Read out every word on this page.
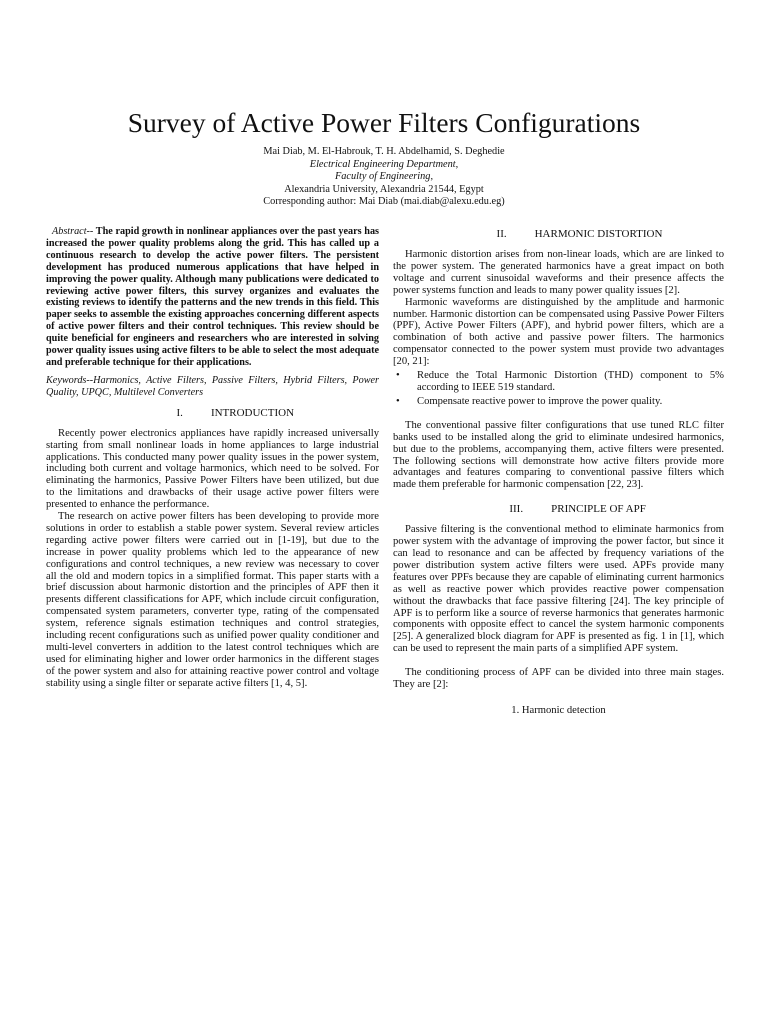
Survey of Active Power Filters Configurations
Mai Diab, M. El-Habrouk, T. H. Abdelhamid, S. Deghedie
Electrical Engineering Department,
Faculty of Engineering,
Alexandria University, Alexandria 21544, Egypt
Corresponding author: Mai Diab (mai.diab@alexu.edu.eg)

Abstract-- The rapid growth in nonlinear appliances over the past years has increased the power quality problems along the grid. This has called up a continuous research to develop the active power filters. The persistent development has produced numerous applications that have helped in improving the power quality. Although many publications were dedicated to reviewing active power filters, this survey organizes and evaluates the existing reviews to identify the patterns and the new trends in this field. This paper seeks to assemble the existing approaches concerning different aspects of active power filters and their control techniques. This review should be quite beneficial for engineers and researchers who are interested in solving power quality issues using active filters to be able to select the most adequate and preferable technique for their applications.

Keywords--Harmonics, Active Filters, Passive Filters, Hybrid Filters, Power Quality, UPQC, Multilevel Converters

I.	INTRODUCTION

Recently power electronics appliances have rapidly increased universally starting from small nonlinear loads in home appliances to large industrial applications. This conducted many power quality issues in the power system, including both current and voltage harmonics, which need to be solved. For eliminating the harmonics, Passive Power Filters have been utilized, but due to the limitations and drawbacks of their usage active power filters were presented to enhance the performance.

The research on active power filters has been developing to provide more solutions in order to establish a stable power system. Several review articles regarding active power filters were carried out in [1-19], but due to the increase in power quality problems which led to the appearance of new configurations and control techniques, a new review was necessary to cover all the old and modern topics in a simplified format. This paper starts with a brief discussion about harmonic distortion and the principles of APF then it presents different classifications for APF, which include circuit configuration, compensated system parameters, converter type, rating of the compensated system, reference signals estimation techniques and control strategies, including recent configurations such as unified power quality conditioner and multi-level converters in addition to the latest control techniques which are used for eliminating higher and lower order harmonics in the different stages of the power system and also for attaining reactive power control and voltage stability using a single filter or separate active filters [1, 4, 5].

II.	HARMONIC DISTORTION

Harmonic distortion arises from non-linear loads, which are are linked to the power system. The generated harmonics have a great impact on both voltage and current sinusoidal waveforms and their presence affects the power systems function and leads to many power quality issues [2].

Harmonic waveforms are distinguished by the amplitude and harmonic number. Harmonic distortion can be compensated using Passive Power Filters (PPF), Active Power Filters (APF), and hybrid power filters, which are a combination of both active and passive power filters. The harmonics compensator connected to the power system must provide two advantages [20, 21]:

• Reduce the Total Harmonic Distortion (THD) component to 5% according to IEEE 519 standard.
• Compensate reactive power to improve the power quality.

The conventional passive filter configurations that use tuned RLC filter banks used to be installed along the grid to eliminate undesired harmonics, but due to the problems, accompanying them, active filters were presented. The following sections will demonstrate how active filters provide more advantages and features comparing to conventional passive filters which made them preferable for harmonic compensation [22, 23].

III.	PRINCIPLE OF APF

Passive filtering is the conventional method to eliminate harmonics from power system with the advantage of improving the power factor, but since it can lead to resonance and can be affected by frequency variations of the power distribution system active filters were used. APFs provide many features over PPFs because they are capable of eliminating current harmonics as well as reactive power which provides reactive power compensation without the drawbacks that face passive filtering [24]. The key principle of APF is to perform like a source of reverse harmonics that generates harmonic components with opposite effect to cancel the system harmonic components [25]. A generalized block diagram for APF is presented as fig. 1 in [1], which can be used to represent the main parts of a simplified APF system.

The conditioning process of APF can be divided into three main stages. They are [2]:

1. Harmonic detection
